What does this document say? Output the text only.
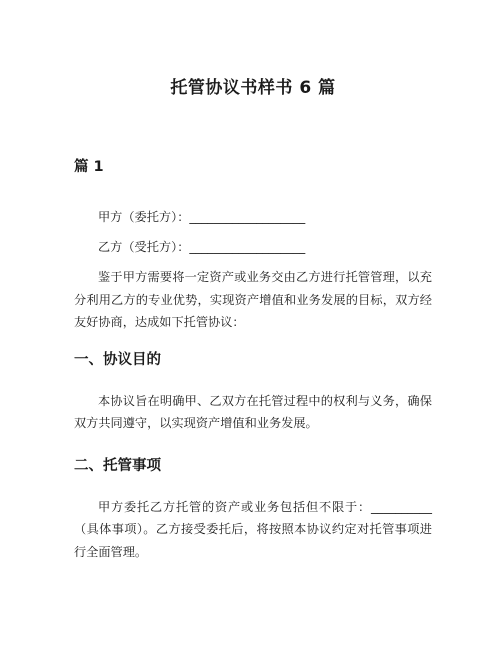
托管协议书样书 6 篇
篇 1

甲方（委托方）：___________________

乙方（受托方）：___________________

鉴于甲方需要将一定资产或业务交由乙方进行托管管理，以充分利用乙方的专业优势，实现资产增值和业务发展的目标，双方经友好协商，达成如下托管协议：

一、协议目的

本协议旨在明确甲、乙双方在托管过程中的权利与义务，确保双方共同遵守，以实现资产增值和业务发展。

二、托管事项

甲方委托乙方托管的资产或业务包括但不限于：__________（具体事项）。乙方接受委托后，将按照本协议约定对托管事项进行全面管理。
